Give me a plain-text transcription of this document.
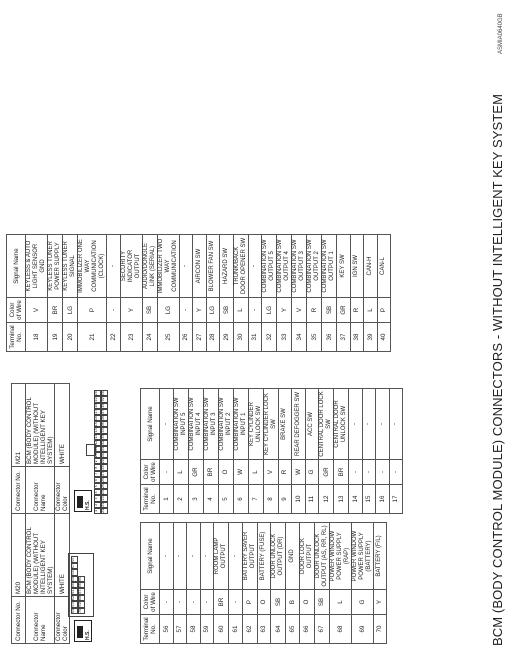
BCM (BODY CONTROL MODULE) CONNECTORS - WITHOUT INTELLIGENT KEY SYSTEM
ASMIA0640GB
Connector No.	M20
Connector Name	BCM (BODY CONTROL MODULE) (WITHOUT INTELLIGENT KEY SYSTEM)
Connector Color	WHITE
H.S.
64
63
62
61
60
59
58
57
56
70
69
68
67
66
65
Terminal No.	Color of Wire	Signal Name
56	-	-
57	-	-
58	-	-
59	-	-
60	BR	ROOM LAMP OUTPUT
61	-	-
62	P	BATTERY SAVER OUTPUT
63	O	BATTERY (FUSE)
64	SB	DOOR UNLOCK OUTPUT (DR)
65	B	GND
66	O	DOOR LOCK OUTPUT
67	SB	DOOR UNLOCK OUTPUT (AS, RR, RL)
68	L	POWER WINDOW POWER SUPPLY (RAP)
69	G	POWER WINDOW POWER SUPPLY (BATTERY)
70	Y	BATTERY (F/L)
Connector No.	M21
Connector Name	BCM (BODY CONTROL MODULE) (WITHOUT INTELLIGENT KEY SYSTEM)
Connector Color	WHITE
H.S.
1
2
3
4
5
6
7
8
9
10
11
12
13
14
15
16
17
18
19
20
21
22
23
24
25
26
27
28
29
30
31
32
33
34
35
36
37
38
39
40
Terminal No.	Color of Wire	Signal Name
1	-	-
2	L	COMBINATION SW INPUT 5
3	GR	COMBINATION SW INPUT 4
4	BR	COMBINATION SW INPUT 3
5	O	COMBINATION SW INPUT 2
6	W	COMBINATION SW INPUT 1
7	L	KEY CYLINDER UNLOCK SW
8	V	KEY CYLINDER LOCK SW
9	R	BRAKE SW
10	W	REAR DEFOGGER SW
11	G	ACC SW
12	GR	CENTRAL DOOR LOCK SW
13	BR	CENTRAL DOOR UNLOCK SW
14	-	-
15	-	-
16	-	-
17	-	-
Terminal No.	Color of Wire	Signal Name
18	V	KEYLESS & AUTO LIGHT SENSOR GND
19	BR	KEYLESS TUNER POWER SUPPLY
20	LG	KEYLESS TUNER SIGNAL
21	P	IMMOBILIZER ONE WAY COMMUNICATION (CLOCK)
22	-	-
23	Y	SECURITY INDICATOR OUTPUT
24	SB	AUDIO/DONGLE LINK (SERIAL)
25	LG	IMMOBILIZER TWO WAY COMMUNICATION
26	-	-
27	Y	AIRCON SW
28	LG	BLOWER FAN SW
29	SB	HAZARD SW
30	L	TRUNK/BACK DOOR OPENER SW
31	-	-
32	LG	COMBINATION SW OUTPUT 5
33	Y	COMBINATION SW OUTPUT 4
34	V	COMBINATION SW OUTPUT 3
35	R	COMBINATION SW OUTPUT 2
36	SB	COMBINATION SW OUTPUT 1
37	GR	KEY SW
38	R	IGN SW
39	L	CAN-H
40	P	CAN-L
